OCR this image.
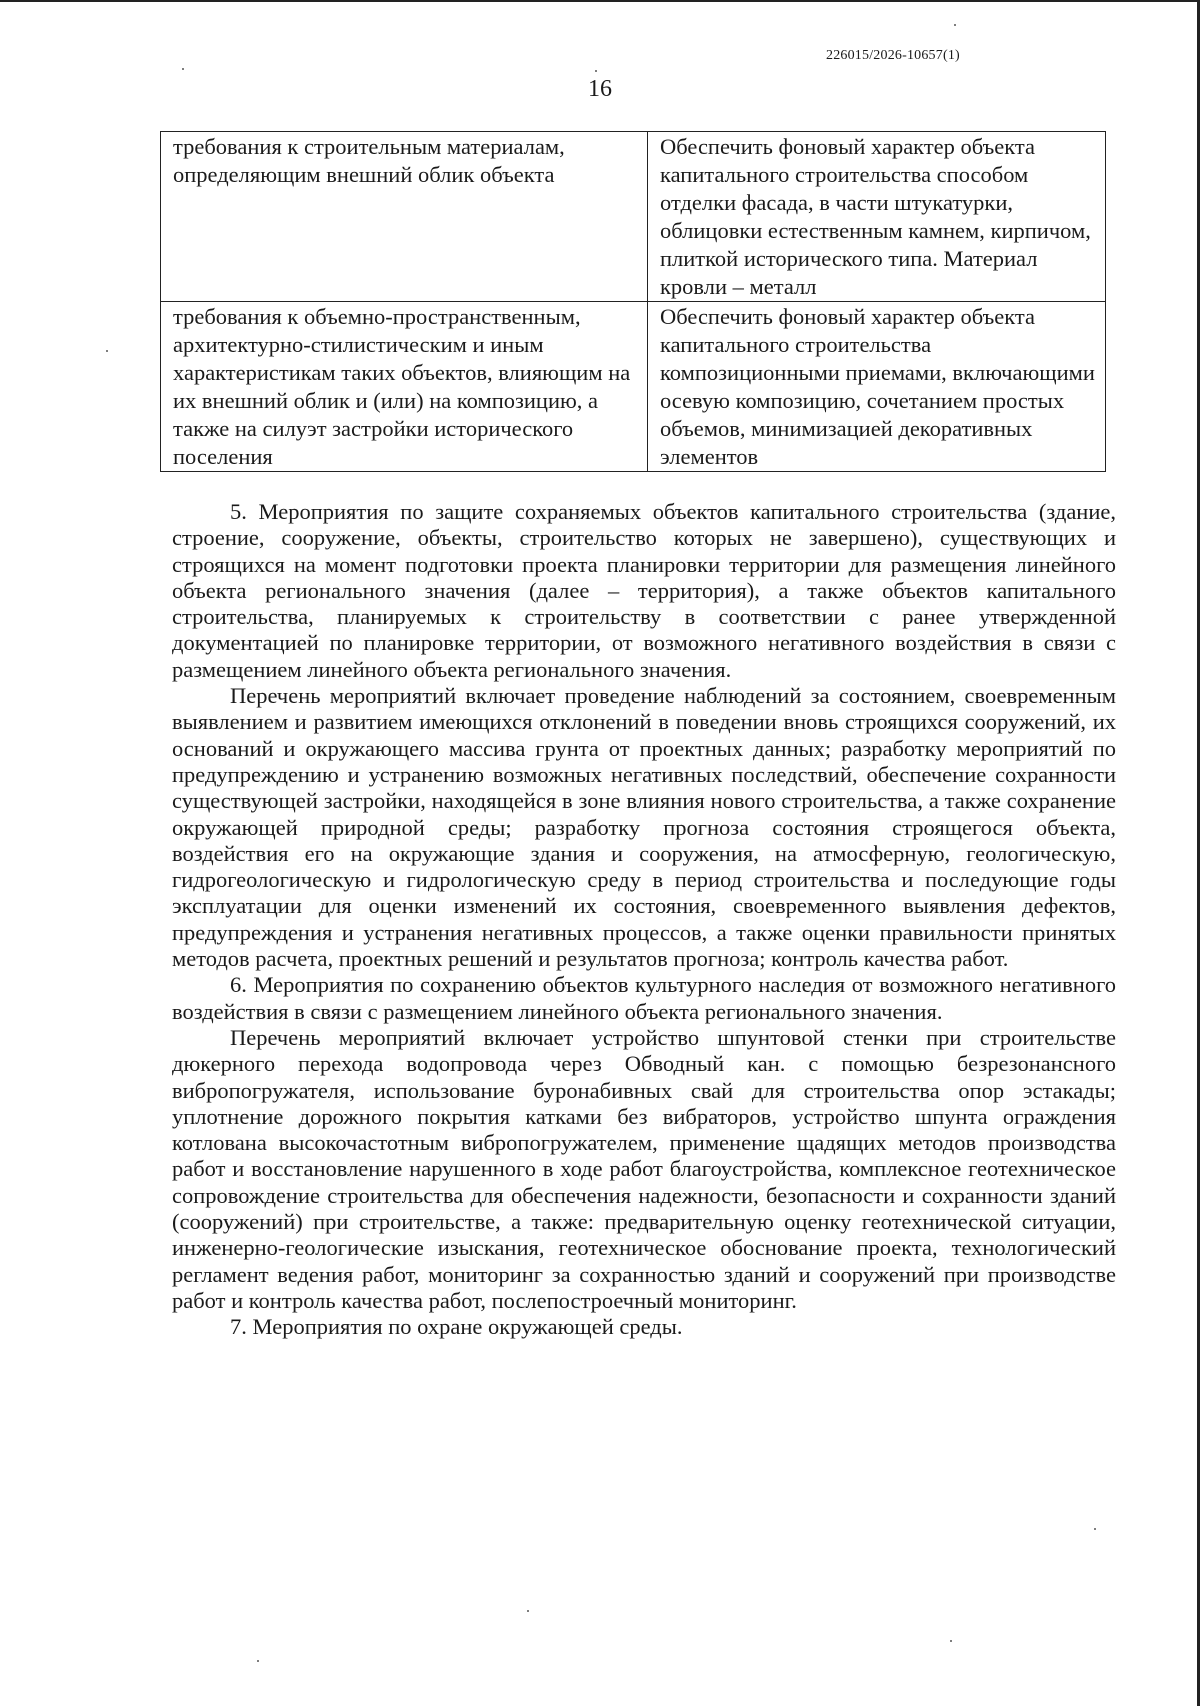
226015/2026-10657(1)
16
требования к строительным материалам, определяющим внешний облик объекта	Обеспечить фоновый характер объекта капитального строительства способом отделки фасада, в части штукатурки, облицовки естественным камнем, кирпичом, плиткой исторического типа. Материал кровли – металл
требования к объемно-пространственным, архитектурно-стилистическим и иным характеристикам таких объектов, влияющим на их внешний облик и (или) на композицию, а также на силуэт застройки исторического поселения	Обеспечить фоновый характер объекта капитального строительства композиционными приемами, включающими осевую композицию, сочетанием простых объемов, минимизацией декоративных элементов

5. Мероприятия по защите сохраняемых объектов капитального строительства (здание, строение, сооружение, объекты, строительство которых не завершено), существующих и строящихся на момент подготовки проекта планировки территории для размещения линейного объекта регионального значения (далее – территория), а также объектов капитального строительства, планируемых к строительству в соответствии с ранее утвержденной документацией по планировке территории, от возможного негативного воздействия в связи с размещением линейного объекта регионального значения.

Перечень мероприятий включает проведение наблюдений за состоянием, своевременным выявлением и развитием имеющихся отклонений в поведении вновь строящихся сооружений, их оснований и окружающего массива грунта от проектных данных; разработку мероприятий по предупреждению и устранению возможных негативных последствий, обеспечение сохранности существующей застройки, находящейся в зоне влияния нового строительства, а также сохранение окружающей природной среды; разработку прогноза состояния строящегося объекта, воздействия его на окружающие здания и сооружения, на атмосферную, геологическую, гидрогеологическую и гидрологическую среду в период строительства и последующие годы эксплуатации для оценки изменений их состояния, своевременного выявления дефектов, предупреждения и устранения негативных процессов, а также оценки правильности принятых методов расчета, проектных решений и результатов прогноза; контроль качества работ.

6. Мероприятия по сохранению объектов культурного наследия от возможного негативного воздействия в связи с размещением линейного объекта регионального значения.

Перечень мероприятий включает устройство шпунтовой стенки при строительстве дюкерного перехода водопровода через Обводный кан. с помощью безрезонансного вибропогружателя, использование буронабивных свай для строительства опор эстакады; уплотнение дорожного покрытия катками без вибраторов, устройство шпунта ограждения котлована высокочастотным вибропогружателем, применение щадящих методов производства работ и восстановление нарушенного в ходе работ благоустройства, комплексное геотехническое сопровождение строительства для обеспечения надежности, безопасности и сохранности зданий (сооружений) при строительстве, а также: предварительную оценку геотехнической ситуации, инженерно-геологические изыскания, геотехническое обоснование проекта, технологический регламент ведения работ, мониторинг за сохранностью зданий и сооружений при производстве работ и контроль качества работ, послепостроечный мониторинг.

7. Мероприятия по охране окружающей среды.
